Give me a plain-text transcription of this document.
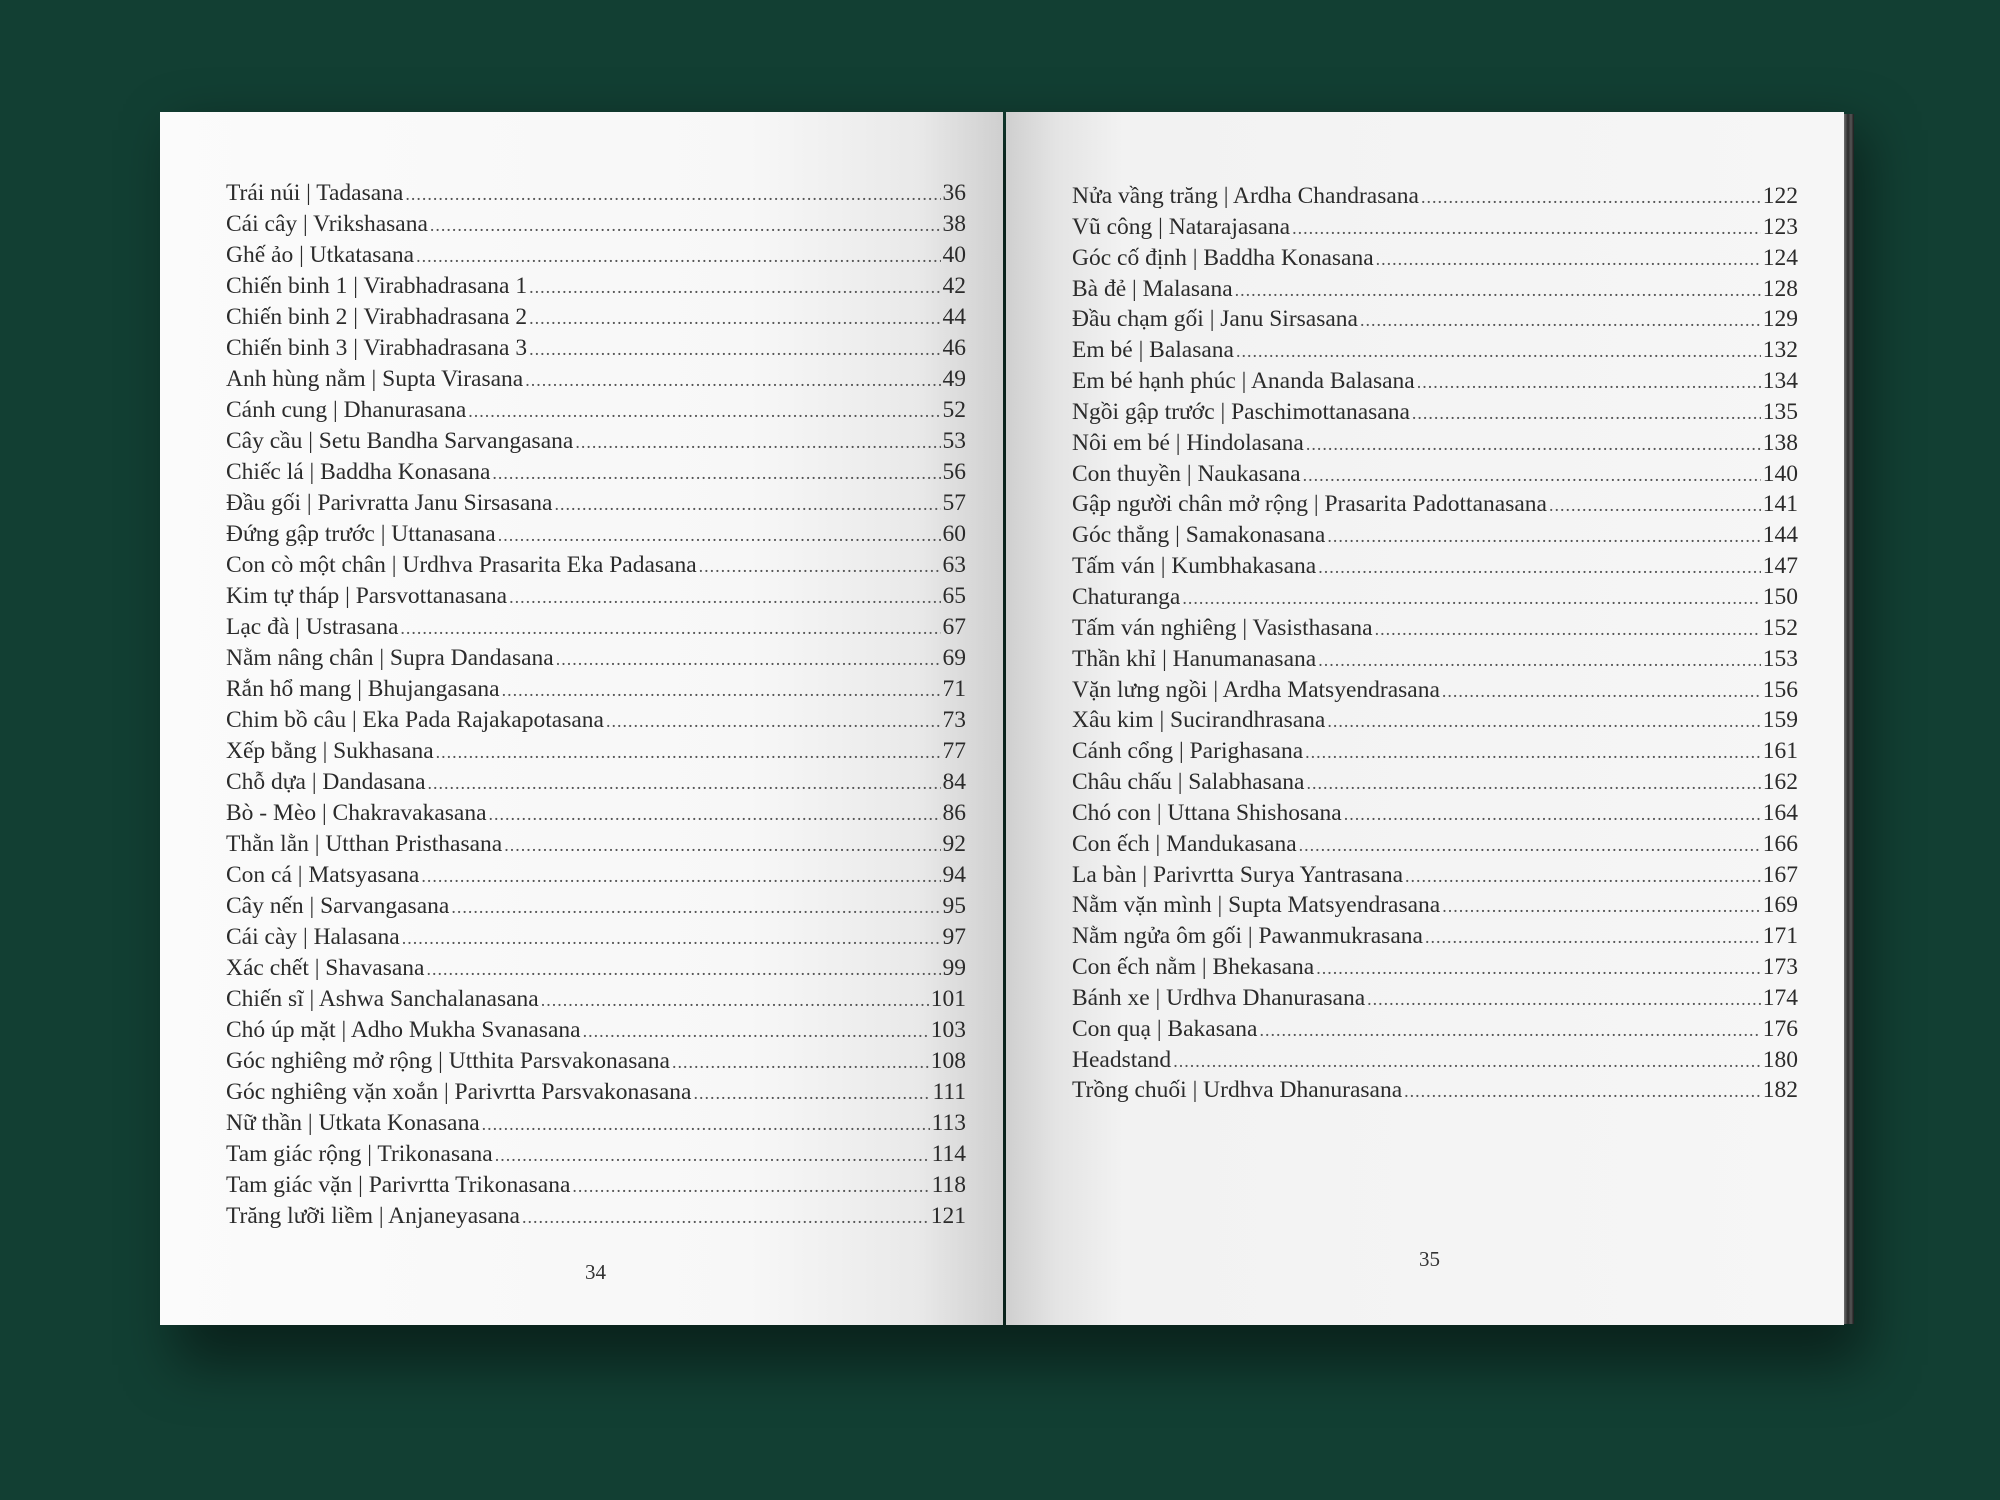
Trái núi | Tadasana .....	36
Cái cây | Vrikshasana .....	38
Ghế ảo | Utkatasana .....	40
Chiến binh 1 | Virabhadrasana 1 .....	42
Chiến binh 2 | Virabhadrasana 2 .....	44
Chiến binh 3 | Virabhadrasana 3 .....	46
Anh hùng nằm | Supta Virasana .....	49
Cánh cung | Dhanurasana .....	52
Cây cầu | Setu Bandha Sarvangasana .....	53
Chiếc lá | Baddha Konasana .....	56
Đầu gối | Parivratta Janu Sirsasana .....	57
Đứng gập trước | Uttanasana .....	60
Con cò một chân | Urdhva Prasarita Eka Padasana .....	63
Kim tự tháp | Parsvottanasana .....	65
Lạc đà | Ustrasana .....	67
Nằm nâng chân | Supra Dandasana .....	69
Rắn hổ mang | Bhujangasana .....	71
Chim bồ câu | Eka Pada Rajakapotasana .....	73
Xếp bằng | Sukhasana .....	77
Chỗ dựa | Dandasana .....	84
Bò - Mèo | Chakravakasana .....	86
Thằn lằn | Utthan Pristhasana .....	92
Con cá | Matsyasana .....	94
Cây nến | Sarvangasana .....	95
Cái cày | Halasana .....	97
Xác chết | Shavasana .....	99
Chiến sĩ | Ashwa Sanchalanasana .....	101
Chó úp mặt | Adho Mukha Svanasana .....	103
Góc nghiêng mở rộng | Utthita Parsvakonasana .....	108
Góc nghiêng vặn xoắn | Parivrtta Parsvakonasana .....	111
Nữ thần | Utkata Konasana .....	113
Tam giác rộng | Trikonasana .....	114
Tam giác vặn | Parivrtta Trikonasana .....	118
Trăng lưỡi liềm | Anjaneyasana .....	121
34
Nửa vầng trăng | Ardha Chandrasana .....	122
Vũ công | Natarajasana .....	123
Góc cố định | Baddha Konasana .....	124
Bà đẻ | Malasana .....	128
Đầu chạm gối | Janu Sirsasana .....	129
Em bé | Balasana .....	132
Em bé hạnh phúc | Ananda Balasana .....	134
Ngồi gập trước | Paschimottanasana .....	135
Nôi em bé | Hindolasana .....	138
Con thuyền | Naukasana .....	140
Gập người chân mở rộng | Prasarita Padottanasana .....	141
Góc thẳng | Samakonasana .....	144
Tấm ván | Kumbhakasana .....	147
Chaturanga .....	150
Tấm ván nghiêng | Vasisthasana .....	152
Thần khỉ | Hanumanasana .....	153
Vặn lưng ngồi | Ardha Matsyendrasana .....	156
Xâu kim | Sucirandhrasana .....	159
Cánh cổng | Parighasana .....	161
Châu chấu | Salabhasana .....	162
Chó con | Uttana Shishosana .....	164
Con ếch | Mandukasana .....	166
La bàn | Parivrtta Surya Yantrasana .....	167
Nằm vặn mình | Supta Matsyendrasana .....	169
Nằm ngửa ôm gối | Pawanmukrasana .....	171
Con ếch nằm | Bhekasana .....	173
Bánh xe | Urdhva Dhanurasana .....	174
Con quạ | Bakasana .....	176
Headstand .....	180
Trồng chuối | Urdhva Dhanurasana .....	182
35
